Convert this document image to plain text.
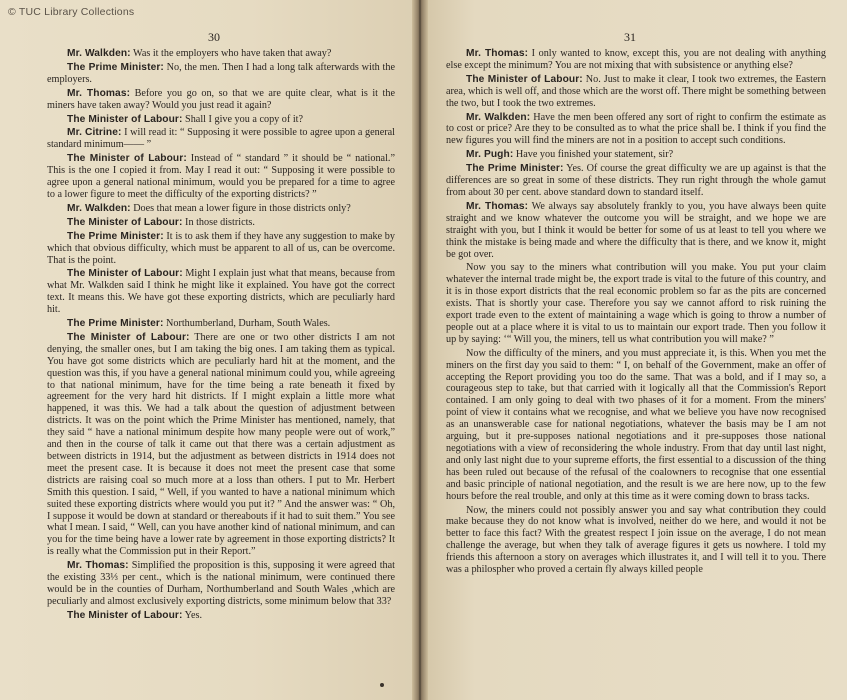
© TUC Library Collections
30

Mr. Walkden: Was it the employers who have taken that away?

The Prime Minister: No, the men. Then I had a long talk afterwards with the employers.

Mr. Thomas: Before you go on, so that we are quite clear, what is it the miners have taken away? Would you just read it again?

The Minister of Labour: Shall I give you a copy of it?

Mr. Citrine: I will read it: “ Supposing it were possible to agree upon a general standard minimum—— ”

The Minister of Labour: Instead of “ standard ” it should be “ national.” This is the one I copied it from. May I read it out: “ Supposing it were possible to agree upon a general national minimum, would you be prepared for a time to agree to a lower figure to meet the difficulty of the exporting districts? ”

Mr. Walkden: Does that mean a lower figure in those districts only?

The Minister of Labour: In those districts.

The Prime Minister: It is to ask them if they have any suggestion to make by which that obvious difficulty, which must be apparent to all of us, can be overcome. That is the point.

The Minister of Labour: Might I explain just what that means, because from what Mr. Walkden said I think he might like it explained. You have got the correct text. It means this. We have got these exporting districts, which are peculiarly hard hit.

The Prime Minister: Northumberland, Durham, South Wales.

The Minister of Labour: There are one or two other districts I am not denying, the smaller ones, but I am taking the big ones. I am taking them as typical. You have got some districts which are peculiarly hard hit at the moment, and the question was this, if you have a general national minimum could you, while agreeing to that national minimum, have for the time being a rate beneath it fixed by agreement for the very hard hit districts. If I might explain a little more what happened, it was this. We had a talk about the question of adjustment between districts. It was on the point which the Prime Minister has mentioned, namely, that they said “ have a national minimum despite how many people were out of work,” and then in the course of talk it came out that there was a certain adjustment as between districts in 1914, but the adjustment as between districts in 1914 does not meet the present case. It is because it does not meet the present case that some districts are raising coal so much more at a loss than others. I put to Mr. Herbert Smith this question. I said, “ Well, if you wanted to have a national minimum which suited these exporting districts where would you put it? ” And the answer was: “ Oh, I suppose it would be down at standard or thereabouts if it had to suit them.” You see what I mean. I said, “ Well, can you have another kind of national minimum, and can you for the time being have a lower rate by agreement in those exporting districts? It is really what the Commission put in their Report.”

Mr. Thomas: Simplified the proposition is this, supposing it were agreed that the existing 33⅓ per cent., which is the national minimum, were continued there would be in the counties of Durham, Northumberland and South Wales ,which are peculiarly and almost exclusively exporting districts, some minimum below that 33?

The Minister of Labour: Yes.

31

Mr. Thomas: I only wanted to know, except this, you are not dealing with anything else except the minimum? You are not mixing that with subsistence or anything else?

The Minister of Labour: No. Just to make it clear, I took two extremes, the Eastern area, which is well off, and those which are the worst off. There might be something between the two, but I took the two extremes.

Mr. Walkden: Have the men been offered any sort of right to confirm the estimate as to cost or price? Are they to be consulted as to what the price shall be. I think if you find the new figures you will find the miners are not in a position to accept such conditions.

Mr. Pugh: Have you finished your statement, sir?

The Prime Minister: Yes. Of course the great difficulty we are up against is that the differences are so great in some of these districts. They run right through the whole gamut from about 30 per cent. above standard down to standard itself.

Mr. Thomas: We always say absolutely frankly to you, you have always been quite straight and we know whatever the outcome you will be straight, and we hope we are straight with you, but I think it would be better for some of us at least to tell you where we think the mistake is being made and where the difficulty that is there, and we know it, might be got over.

Now you say to the miners what contribution will you make. You put your claim whatever the internal trade might be, the export trade is vital to the future of this country, and it is in those export districts that the real economic problem so far as the pits are concerned exists. That is shortly your case. Therefore you say we cannot afford to risk ruining the export trade even to the extent of maintaining a wage which is going to throw a number of people out at a place where it is vital to us to maintain our export trade. Then you follow it up by saying: ‘“ Will you, the miners, tell us what contribution you will make? ”

Now the difficulty of the miners, and you must appreciate it, is this. When you met the miners on the first day you said to them: “ I, on behalf of the Government, make an offer of accepting the Report providing you too do the same. That was a bold, and if I may so, a courageous step to take, but that carried with it logically all that the Commission's Report contained. I am only going to deal with two phases of it for a moment. From the miners' point of view it contains what we recognise, and what we believe you have now recognised as an unanswerable case for national negotiations, whatever the basis may be I am not arguing, but it pre-supposes national negotiations and it pre-supposes those national negotiations with a view of reconsidering the whole industry. From that day until last night, and only last night due to your supreme efforts, the first essential to a discussion of the thing has been ruled out because of the refusal of the coalowners to recognise that one essential and basic principle of national negotiation, and the result is we are here now, up to the few hours before the real trouble, and only at this time as it were coming down to brass tacks.

Now, the miners could not possibly answer you and say what contribution they could make because they do not know what is involved, neither do we here, and would it not be better to face this fact? With the greatest respect I join issue on the average, I do not mean challenge the average, but when they talk of average figures it gets us nowhere. I told my friends this afternoon a story on averages which illustrates it, and I will tell it to you. There was a philospher who proved a certain fly always killed people
